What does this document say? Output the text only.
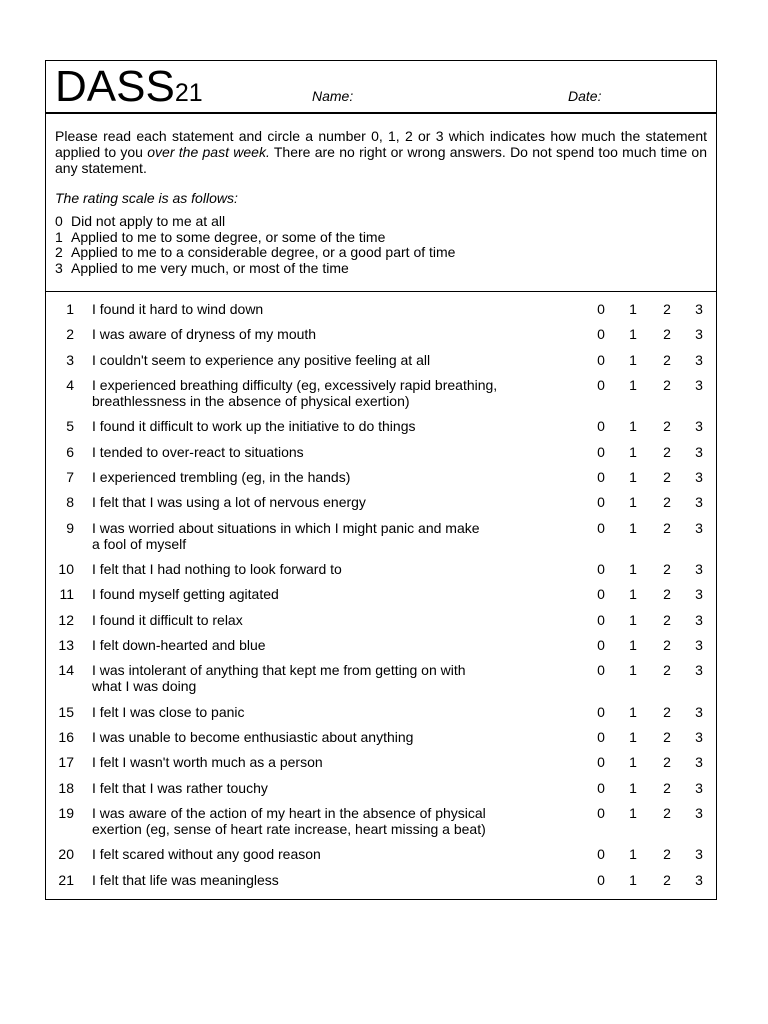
DASS21	Name:	Date:

Please read each statement and circle a number 0, 1, 2 or 3 which indicates how much the statement applied to you over the past week. There are no right or wrong answers. Do not spend too much time on any statement.

The rating scale is as follows:

0 Did not apply to me at all
1 Applied to me to some degree, or some of the time
2 Applied to me to a considerable degree, or a good part of time
3 Applied to me very much, or most of the time
1 I found it hard to wind down	0	1	2	3
2 I was aware of dryness of my mouth	0	1	2	3
3 I couldn't seem to experience any positive feeling at all	0	1	2	3
4 I experienced breathing difficulty (eg, excessively rapid breathing,
breathlessness in the absence of physical exertion)
0	1	2	3
5 I found it difficult to work up the initiative to do things	0	1	2	3
6 I tended to over-react to situations	0	1	2	3
7 I experienced trembling (eg, in the hands)	0	1	2	3
8 I felt that I was using a lot of nervous energy	0	1	2	3
9 I was worried about situations in which I might panic and make
a fool of myself
0	1	2	3
10 I felt that I had nothing to look forward to	0	1	2	3
11 I found myself getting agitated	0	1	2	3
12 I found it difficult to relax	0	1	2	3
13 I felt down-hearted and blue	0	1	2	3
14 I was intolerant of anything that kept me from getting on with
what I was doing
0	1	2	3
15 I felt I was close to panic	0	1	2	3
16 I was unable to become enthusiastic about anything	0	1	2	3
17 I felt I wasn't worth much as a person	0	1	2	3
18 I felt that I was rather touchy	0	1	2	3
19 I was aware of the action of my heart in the absence of physical
exertion (eg, sense of heart rate increase, heart missing a beat)
0	1	2	3
20 I felt scared without any good reason	0	1	2	3
21 I felt that life was meaningless	0	1	2	3
